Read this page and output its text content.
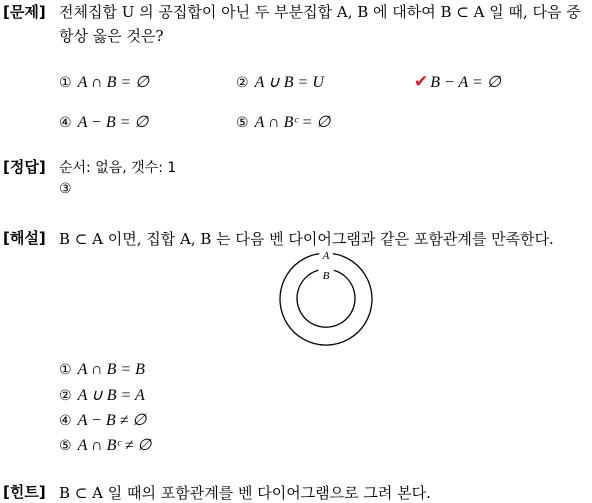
[문제] 전체집합 U 의 공집합이 아닌 두 부분집합 A, B 에 대하여 B ⊂ A 일 때, 다음 중
항상 옳은 것은?
① A ∩ B = ∅	② A ∪ B = U	✔ B − A = ∅
④ A − B = ∅	⑤ A ∩ Bᶜ = ∅
[정답] 순서: 없음, 갯수: 1
③
[해설] B ⊂ A 이면, 집합 A, B 는 다음 벤 다이어그램과 같은 포함관계를 만족한다.
A
B
① A ∩ B = B
② A ∪ B = A
④ A − B ≠ ∅
⑤ A ∩ Bᶜ ≠ ∅
[힌트] B ⊂ A 일 때의 포함관계를 벤 다이어그램으로 그려 본다.
